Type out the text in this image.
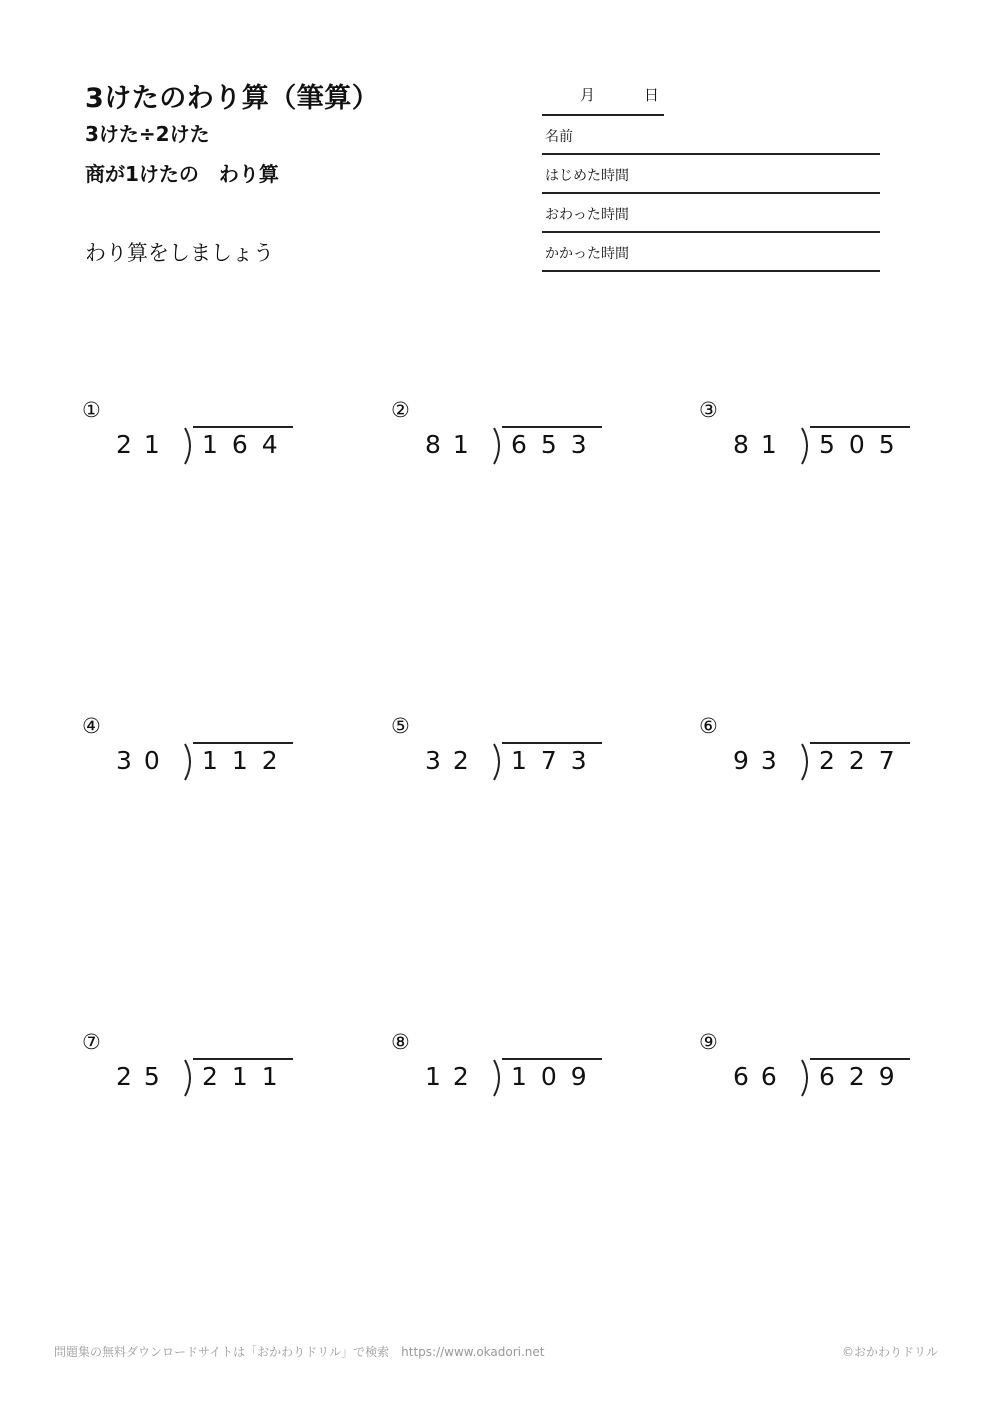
3けたのわり算（筆算）
3けた÷2けた
商が1けたの　わり算
わり算をしましょう
月	日
名前
はじめた時間
おわった時間
かかった時間
①
21 164
②
81 653
③
81 505
④
30 112
⑤
32 173
⑥
93 227
⑦
25 211
⑧
12 109
⑨
66 629
問題集の無料ダウンロードサイトは「おかわりドリル」で検索　https://www.okadori.net	©おかわりドリル
